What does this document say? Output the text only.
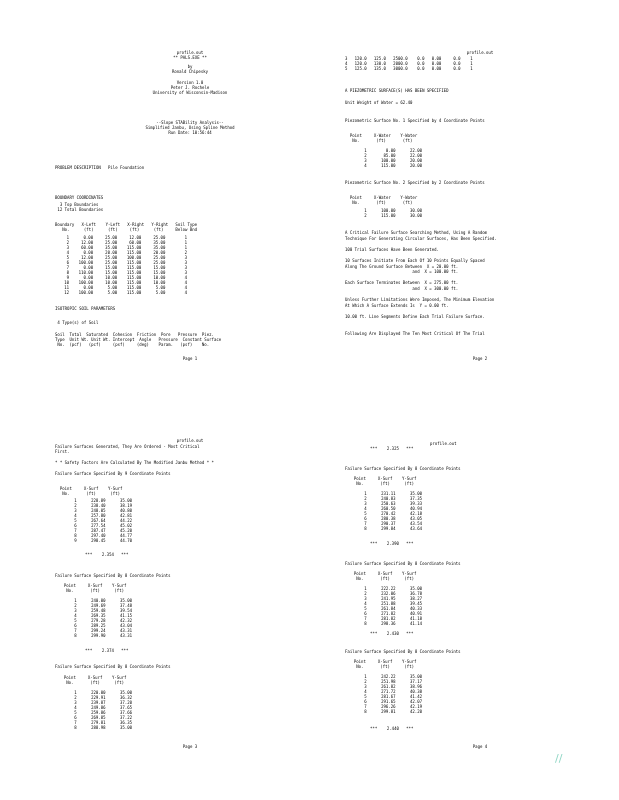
profile.out
** PALS.EXE **
by
Ronald Chipesky
Version 1.0
Peter J. Rochele
University of Wisconsin-Madison
--Slope STABility Analysis--
Simplified Janbu, Using Spline Method
Run Date: 10:56:44
PROBLEM DESCRIPTION   Pile Foundation
BOUNDARY COORDINATES
3 Top Boundaries
12 Total Boundaries
Boundary   X-Left    Y-Left   X-Right   Y-Right   Soil Type
No.      (ft)      (ft)     (ft)      (ft)     Below Bnd
1      0.00     25.00     12.00     25.00        1
2     12.00     25.00     60.00     35.00        1
3     60.00     35.00    115.00     35.00        1
4      0.00     20.00    115.00     20.00        2
5     12.00     25.00    100.00     25.00        3
6    100.00     25.00    115.00     25.00        3
7      0.00     15.00    115.00     15.00        3
8    110.00     15.00    115.00     15.00        3
9      0.00     10.00    115.00     10.00        4
10    100.00     10.00    115.00     10.00        4
11      0.00      5.00    115.00      5.00        4
12    100.00      5.00    115.00      5.00        4
ISOTROPIC SOIL PARAMETERS
4 Type(s) of Soil
Soil  Total  Saturated  Cohesion  Friction  Pore   Pressure  Piez.
Type  Unit Wt. Unit Wt. Intercept  Angle   Pressure  Constant Surface
No.  (pcf)   (pcf)     (psf)     (deg)    Param.   (psf)    No.
Page 1
profile.out
3   120.0   125.0   2500.0    0.0   0.00     0.0    1
4   120.0   130.0   2000.0    0.0   0.00     0.0    1
5   125.0   135.0   3000.0    0.0   0.00     0.0    1
A PIEZOMETRIC SURFACE(S) HAS BEEN SPECIFIED
Unit Weight of Water = 62.40
Piezometric Surface No. 1 Specified by 4 Coordinate Points
Point     X-Water    Y-Water
No.       (ft)       (ft)
1        0.00      22.00
2       85.00      22.00
3      100.00      20.00
4      115.00      20.00
Piezometric Surface No. 2 Specified by 2 Coordinate Points
Point     X-Water    Y-Water
No.       (ft)       (ft)
1      100.00      30.00
2      115.00      30.00
A Critical Failure Surface Searching Method, Using A Random
Technique For Generating Circular Surfaces, Has Been Specified.
100 Trial Surfaces Have Been Generated.
10 Surfaces Initiate From Each Of 10 Points Equally Spaced
Along The Ground Surface Between  X = 20.00 ft.
and  X = 100.00 ft.
Each Surface Terminates Between  X = 275.00 ft.
and  X = 300.00 ft.
Unless Further Limitations Were Imposed, The Minimum Elevation
At Which A Surface Extends Is  Y = 0.00 ft.
10.00 ft. Line Segments Define Each Trial Failure Surface.
Following Are Displayed The Ten Most Critical Of The Trial
Page 2
profile.out
Failure Surfaces Generated, They Are Ordered - Most Critical
First.
* * Safety Factors Are Calculated By The Modified Janbu Method * *
Failure Surface Specified By 9 Coordinate Points
Point     X-Surf    Y-Surf
No.       (ft)      (ft)
1      228.89      35.00
2      238.40      38.19
3      248.05      40.80
4      257.80      42.81
5      267.64      44.22
6      277.54      45.02
7      287.47      45.20
8      297.40      44.77
9      298.45      44.70
***    2.354   ***
Failure Surface Specified By 8 Coordinate Points
Point     X-Surf    Y-Surf
No.       (ft)      (ft)
1      240.00      35.00
2      249.69      37.48
3      259.48      39.54
4      269.35      41.15
5      279.28      42.32
6      289.25      43.04
7      299.24      43.31
8      299.90      43.31
***    2.374   ***
Failure Surface Specified By 8 Coordinate Points
Point     X-Surf    Y-Surf
No.       (ft)      (ft)
1      220.00      35.00
2      229.91      36.32
3      239.87      37.20
4      249.86      37.65
5      259.86      37.66
6      269.85      37.22
7      279.81      36.35
8      288.98      35.00
Page 3
***    2.325   ***
profile.out
Failure Surface Specified By 8 Coordinate Points
Point     X-Surf    Y-Surf
No.       (ft)      (ft)
1      231.11      35.00
2      240.83      37.35
3      250.63      39.33
4      260.50      40.94
5      270.42      42.18
6      280.38      43.05
7      290.37      43.54
8      299.84      43.64
***    2.390   ***
Failure Surface Specified By 8 Coordinate Points
Point     X-Surf    Y-Surf
No.       (ft)      (ft)
1      222.22      35.00
2      232.06      36.78
3      241.95      38.27
4      251.88      39.45
5      261.84      40.33
6      271.82      40.91
7      281.82      41.18
8      298.36      41.14
***    2.430   ***
Failure Surface Specified By 8 Coordinate Points
Point     X-Surf    Y-Surf
No.       (ft)      (ft)
1      242.22      35.00
2      251.98      37.17
3      261.82      38.96
4      271.72      40.38
5      281.67      41.42
6      291.65      42.07
7      296.26      42.19
8      299.81      42.20
***    2.440   ***
Page 4
//
